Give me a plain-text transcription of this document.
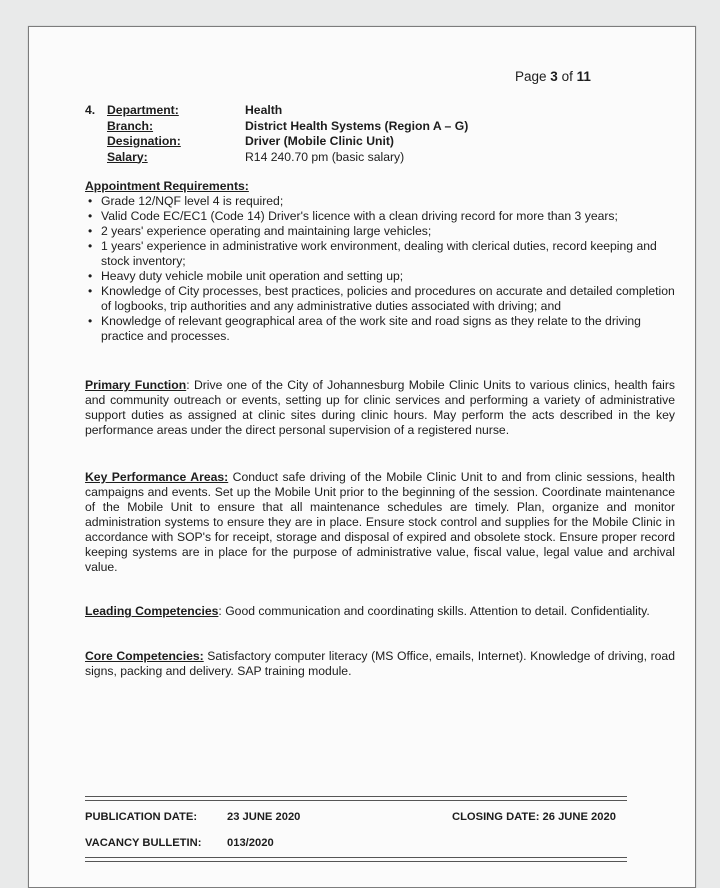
Page 3 of 11
4. Department:	Health
Branch:	District Health Systems (Region A – G)
Designation:	Driver (Mobile Clinic Unit)
Salary:	R14 240.70 pm (basic salary)
Appointment Requirements:
• Grade 12/NQF level 4 is required;
• Valid Code EC/EC1 (Code 14) Driver's licence with a clean driving record for more than 3 years;
• 2 years' experience operating and maintaining large vehicles;
• 1 years' experience in administrative work environment, dealing with clerical duties, record keeping and stock inventory;
• Heavy duty vehicle mobile unit operation and setting up;
• Knowledge of City processes, best practices, policies and procedures on accurate and detailed completion of logbooks, trip authorities and any administrative duties associated with driving; and
• Knowledge of relevant geographical area of the work site and road signs as they relate to the driving practice and processes.
Primary Function: Drive one of the City of Johannesburg Mobile Clinic Units to various clinics, health fairs and community outreach or events, setting up for clinic services and performing a variety of administrative support duties as assigned at clinic sites during clinic hours. May perform the acts described in the key performance areas under the direct personal supervision of a registered nurse.
Key Performance Areas: Conduct safe driving of the Mobile Clinic Unit to and from clinic sessions, health campaigns and events. Set up the Mobile Unit prior to the beginning of the session. Coordinate maintenance of the Mobile Unit to ensure that all maintenance schedules are timely. Plan, organize and monitor administration systems to ensure they are in place. Ensure stock control and supplies for the Mobile Clinic in accordance with SOP's for receipt, storage and disposal of expired and obsolete stock. Ensure proper record keeping systems are in place for the purpose of administrative value, fiscal value, legal value and archival value.
Leading Competencies: Good communication and coordinating skills. Attention to detail. Confidentiality.
Core Competencies: Satisfactory computer literacy (MS Office, emails, Internet). Knowledge of driving, road signs, packing and delivery. SAP training module.
PUBLICATION DATE:	23 JUNE 2020	CLOSING DATE: 26 JUNE 2020
VACANCY BULLETIN: 013/2020
